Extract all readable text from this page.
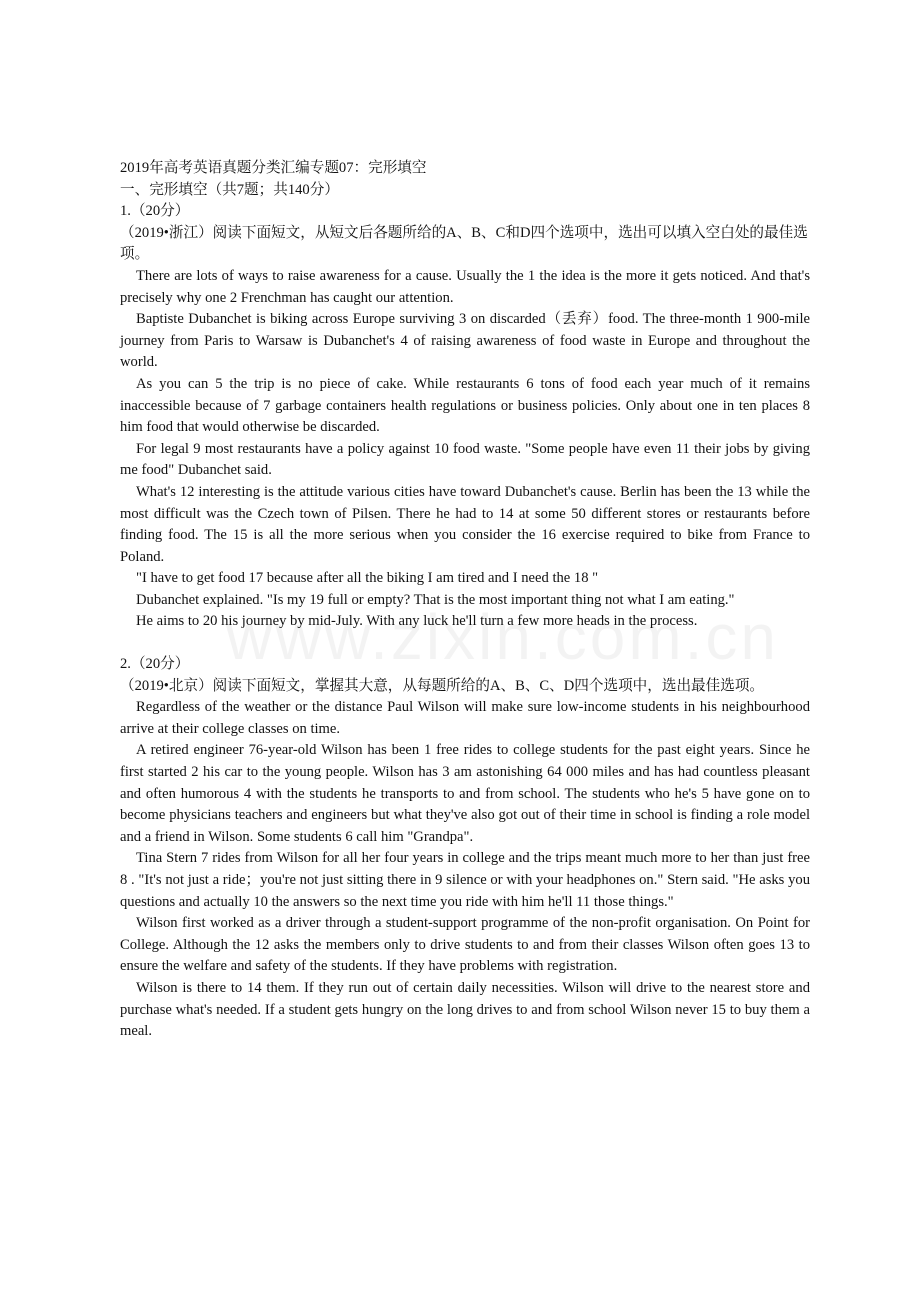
2019年高考英语真题分类汇编专题07：完形填空

一、完形填空（共7题；共140分）

1.（20分）

（2019•浙江）阅读下面短文，从短文后各题所给的A、B、C和D四个选项中，选出可以填入空白处的最佳选项。

There are lots of ways to raise awareness for a cause. Usually the 1 the idea is the more it gets noticed. And that's precisely why one 2 Frenchman has caught our attention.

Baptiste Dubanchet is biking across Europe surviving 3 on discarded（丢弃）food. The three-month 1 900-mile journey from Paris to Warsaw is Dubanchet's 4 of raising awareness of food waste in Europe and throughout the world.

As you can 5 the trip is no piece of cake. While restaurants 6 tons of food each year much of it remains inaccessible because of 7 garbage containers health regulations or business policies. Only about one in ten places 8 him food that would otherwise be discarded.

For legal 9 most restaurants have a policy against 10 food waste. "Some people have even 11 their jobs by giving me food" Dubanchet said.

What's 12 interesting is the attitude various cities have toward Dubanchet's cause. Berlin has been the 13 while the most difficult was the Czech town of Pilsen. There he had to 14 at some 50 different stores or restaurants before finding food. The 15 is all the more serious when you consider the 16 exercise required to bike from France to Poland.

"I have to get food 17 because after all the biking I am tired and I need the 18 "

Dubanchet explained. "Is my 19 full or empty? That is the most important thing not what I am eating."

He aims to 20 his journey by mid-July. With any luck he'll turn a few more heads in the process.

2.（20分）

（2019•北京）阅读下面短文，掌握其大意，从每题所给的A、B、C、D四个选项中，选出最佳选项。

Regardless of the weather or the distance Paul Wilson will make sure low-income students in his neighbourhood arrive at their college classes on time.

A retired engineer 76-year-old Wilson has been 1 free rides to college students for the past eight years. Since he first started 2 his car to the young people. Wilson has 3 am astonishing 64 000 miles and has had countless pleasant and often humorous 4 with the students he transports to and from school. The students who he's 5 have gone on to become physicians teachers and engineers but what they've also got out of their time in school is finding a role model and a friend in Wilson. Some students 6 call him "Grandpa".

Tina Stern 7 rides from Wilson for all her four years in college and the trips meant much more to her than just free 8 . "It's not just a ride；you're not just sitting there in 9 silence or with your headphones on." Stern said. "He asks you questions and actually 10 the answers so the next time you ride with him he'll 11 those things."

Wilson first worked as a driver through a student-support programme of the non-profit organisation. On Point for College. Although the 12 asks the members only to drive students to and from their classes Wilson often goes 13 to ensure the welfare and safety of the students. If they have problems with registration.

Wilson is there to 14 them. If they run out of certain daily necessities. Wilson will drive to the nearest store and purchase what's needed. If a student gets hungry on the long drives to and from school Wilson never 15 to buy them a meal.
